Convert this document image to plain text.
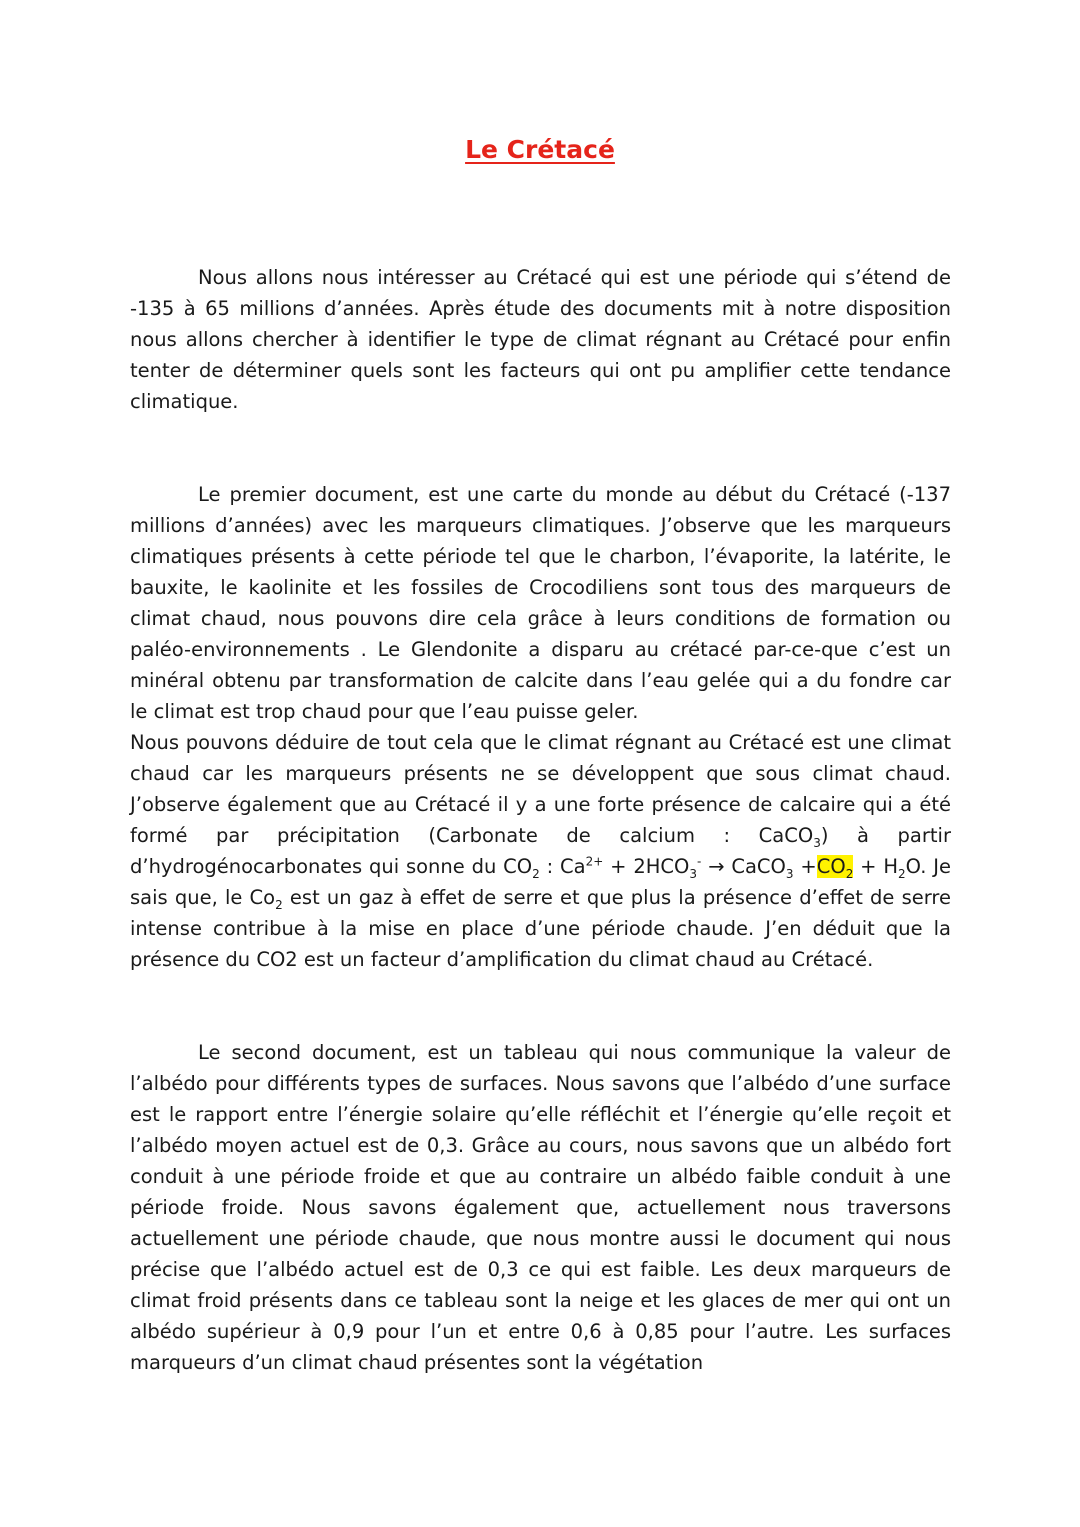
Le Crétacé

Nous allons nous intéresser au Crétacé qui est une période qui s’étend de -135 à 65 millions d’années. Après étude des documents mit à notre disposition nous allons chercher à identifier le type de climat régnant au Crétacé pour enfin tenter de déterminer quels sont les facteurs qui ont pu amplifier cette tendance climatique.

Le premier document, est une carte du monde au début du Crétacé (-137 millions d’années) avec les marqueurs climatiques. J’observe que les marqueurs climatiques présents à cette période tel que le charbon, l’évaporite, la latérite, le bauxite, le kaolinite et les fossiles de Crocodiliens sont tous des marqueurs de climat chaud, nous pouvons dire cela grâce à leurs conditions de formation ou paléo-environnements . Le Glendonite a disparu au crétacé par-ce-que c’est un minéral obtenu par transformation de calcite dans l’eau gelée qui a du fondre car le climat est trop chaud pour que l’eau puisse geler.

Nous pouvons déduire de tout cela que le climat régnant au Crétacé est une climat chaud car les marqueurs présents ne se développent que sous climat chaud. J’observe également que au Crétacé il y a une forte présence de calcaire qui a été formé par précipitation (Carbonate de calcium : CaCO$_3$) à partir d’hydrogénocarbonates qui sonne du $CO_2$ : $Ca^{2+} + 2HCO_3^-$ → CaCO$_3$ $+CO_2 + H_2O$. Je sais que, le $Co_2$ est un gaz à effet de serre et que plus la présence d’effet de serre intense contribue à la mise en place d’une période chaude. J’en déduit que la présence du CO2 est un facteur d’amplification du climat chaud au Crétacé.

Le second document, est un tableau qui nous communique la valeur de l’albédo pour différents types de surfaces. Nous savons que l’albédo d’une surface est le rapport entre l’énergie solaire qu’elle réfléchit et l’énergie qu’elle reçoit et l’albédo moyen actuel est de 0,3. Grâce au cours, nous savons que un albédo fort conduit à une période froide et que au contraire un albédo faible conduit à une période froide. Nous savons également que, actuellement nous traversons actuellement une période chaude, que nous montre aussi le document qui nous précise que l’albédo actuel est de 0,3 ce qui est faible. Les deux marqueurs de climat froid présents dans ce tableau sont la neige et les glaces de mer qui ont un albédo supérieur à 0,9 pour l’un et entre 0,6 à 0,85 pour l’autre. Les surfaces marqueurs d’un climat chaud présentes sont la végétation
